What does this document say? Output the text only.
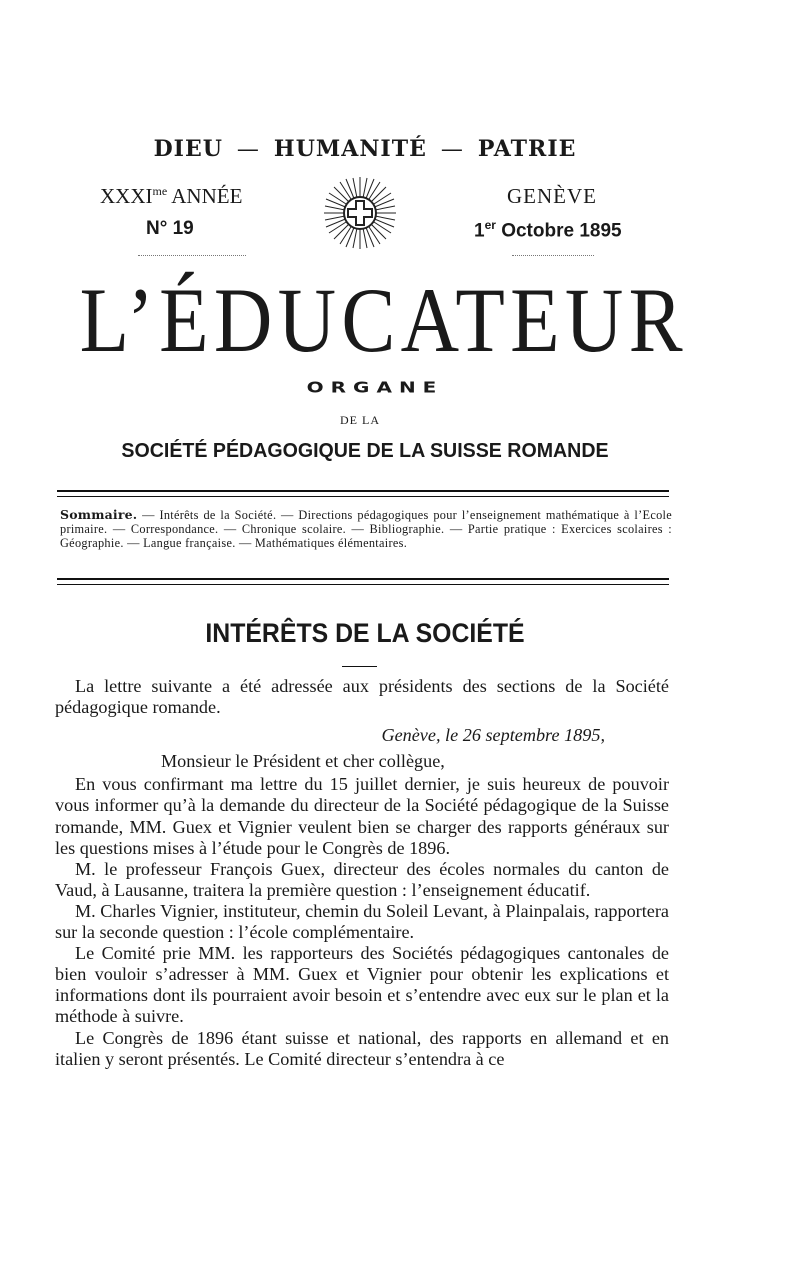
DIEU — HUMANITÉ — PATRIE
$XXXI^{me}$ ANNÉE
N° 19
GENÈVE
1er Octobre 1895
L’ÉDUCATEUR
ORGANE
DE LA
SOCIÉTÉ PÉDAGOGIQUE DE LA SUISSE ROMANDE
Sommaire. — Intérêts de la Société. — Directions pédagogiques pour l’enseignement mathématique à l’Ecole primaire. — Correspondance. — Chronique scolaire. — Bibliographie. — Partie pratique : Exercices scolaires : Géographie. — Langue française. — Mathématiques élémentaires.
INTÉRÊTS DE LA SOCIÉTÉ

La lettre suivante a été adressée aux présidents des sections de la Société pédagogique romande.

Genève, le 26 septembre 1895,

Monsieur le Président et cher collègue,

En vous confirmant ma lettre du 15 juillet dernier, je suis heureux de pouvoir vous informer qu’à la demande du directeur de la Société pédagogique de la Suisse romande, MM. Guex et Vignier veulent bien se charger des rapports généraux sur les questions mises à l’étude pour le Congrès de 1896.

M. le professeur François Guex, directeur des écoles normales du canton de Vaud, à Lausanne, traitera la première question : l’enseignement éducatif.

M. Charles Vignier, instituteur, chemin du Soleil Levant, à Plainpalais, rapportera sur la seconde question : l’école complémentaire.

Le Comité prie MM. les rapporteurs des Sociétés pédagogiques cantonales de bien vouloir s’adresser à MM. Guex et Vignier pour obtenir les explications et informations dont ils pourraient avoir besoin et s’entendre avec eux sur le plan et la méthode à suivre.

Le Congrès de 1896 étant suisse et national, des rapports en allemand et en italien y seront présentés. Le Comité directeur s’entendra à ce
